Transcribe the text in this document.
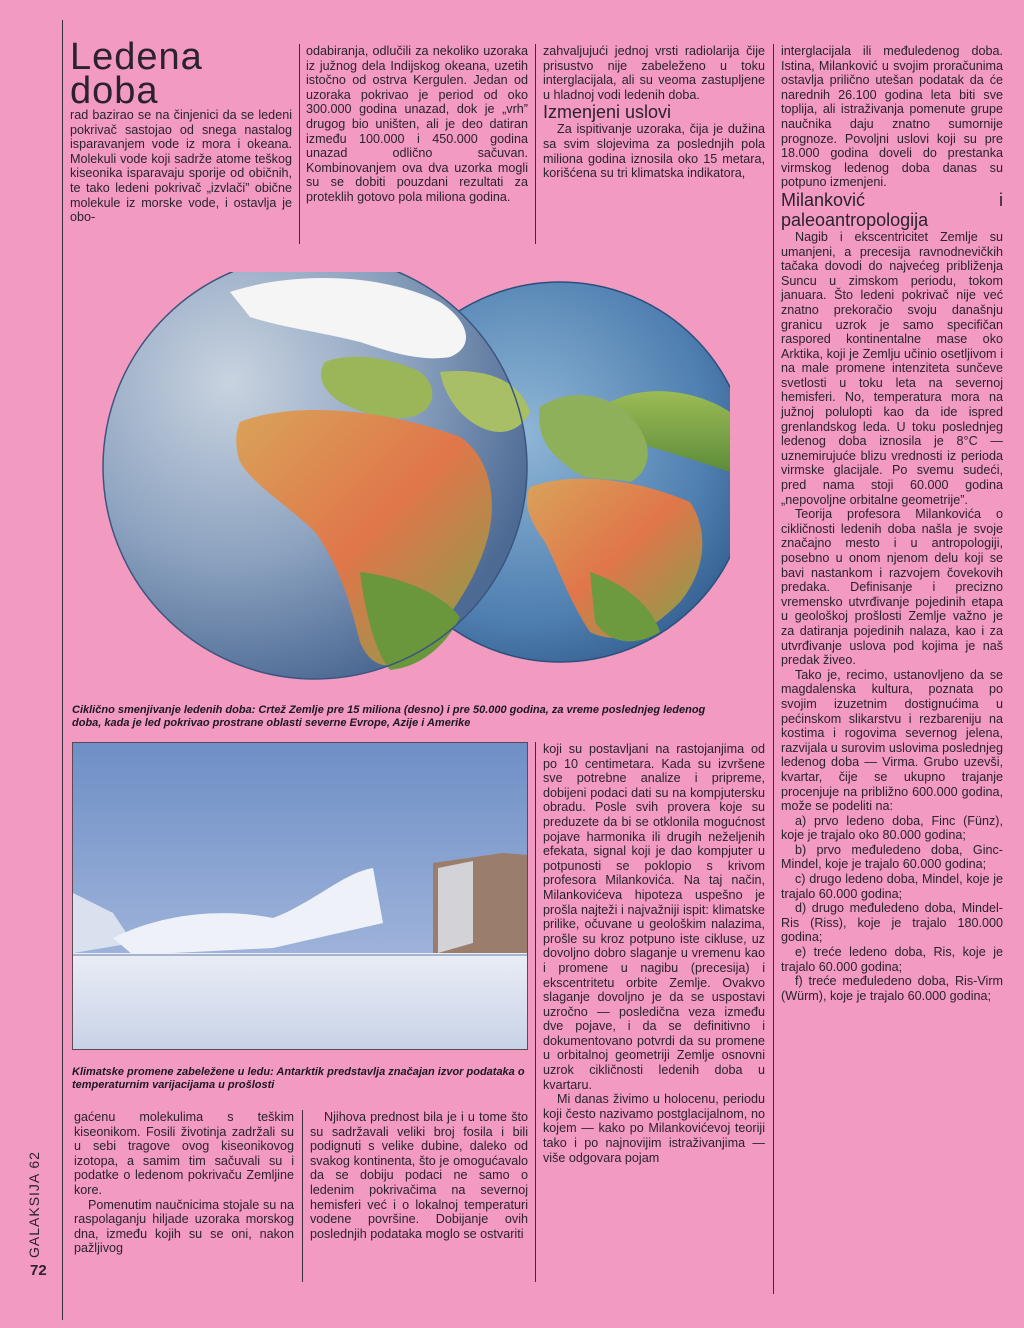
GALAKSIJA 62
72
Ledena
doba

rad bazirao se na činjenici da se ledeni pokrivač sastojao od snega nastalog isparavanjem vode iz mora i okeana. Molekuli vode koji sadrže atome teškog kiseonika isparavaju sporije od običnih, te tako ledeni pokrivač „izvlači” obične molekule iz morske vode, i ostavlja je obo-

odabiranja, odlučili za nekoliko uzoraka iz južnog dela Indijskog okeana, uzetih istočno od ostrva Kergulen. Jedan od uzoraka pokrivao je period od oko 300.000 godina unazad, dok je „vrh” drugog bio uništen, ali je deo datiran između 100.000 i 450.000 godina unazad odlično sačuvan. Kombinovanjem ova dva uzorka mogli su se dobiti pouzdani rezultati za proteklih gotovo pola miliona godina.

zahvaljujući jednoj vrsti radiolarija čije prisustvo nije zabeleženo u toku interglacijala, ali su veoma zastupljene u hladnoj vodi ledenih doba.

Izmenjeni uslovi

Za ispitivanje uzoraka, čija je dužina sa svim slojevima za poslednjih pola miliona godina iznosila oko 15 metara, korišćena su tri klimatska indikatora,

interglacijala ili međuledenog doba. Istina, Milanković u svojim proračunima ostavlja prilično utešan podatak da će narednih 26.100 godina leta biti sve toplija, ali istraživanja pomenute grupe naučnika daju znatno sumornije prognoze. Povoljni uslovi koji su pre 18.000 godina doveli do prestanka virmskog ledenog doba danas su potpuno izmenjeni.

Milanković i paleoantropologija

Nagib i ekscentricitet Zemlje su umanjeni, a precesija ravnodnevičkih tačaka dovodi do najvećeg približenja Suncu u zimskom periodu, tokom januara. Što ledeni pokrivač nije već znatno prekoračio svoju današnju granicu uzrok je samo specifičan raspored kontinentalne mase oko Arktika, koji je Zemlju učinio osetljivom i na male promene intenziteta sunčeve svetlosti u toku leta na severnoj hemisferi. No, temperatura mora na južnoj polulopti kao da ide ispred grenlandskog leda. U toku poslednjeg ledenog doba iznosila je 8°C — uznemirujuće blizu vrednosti iz perioda virmske glacijale. Po svemu sudeći, pred nama stoji 60.000 godina „nepovoljne orbitalne geometrije”.

Teorija profesora Milankovića o cikličnosti ledenih doba našla je svoje značajno mesto i u antropologiji, posebno u onom njenom delu koji se bavi nastankom i razvojem čovekovih predaka. Definisanje i precizno vremensko utvrđivanje pojedinih etapa u geološkoj prošlosti Zemlje važno je za datiranja pojedinih nalaza, kao i za utvrđivanje uslova pod kojima je naš predak živeo.

Tako je, recimo, ustanovljeno da se magdalenska kultura, poznata po svojim izuzetnim dostignućima u pećinskom slikarstvu i rezbareniju na kostima i rogovima severnog jelena, razvijala u surovim uslovima poslednjeg ledenog doba — Virma. Grubo uzevši, kvartar, čije se ukupno trajanje procenjuje na približno 600.000 godina, može se podeliti na:

a) prvo ledeno doba, Finc (Fünz), koje je trajalo oko 80.000 godina;

b) prvo međuledeno doba, Ginc-Mindel, koje je trajalo 60.000 godina;

c) drugo ledeno doba, Mindel, koje je trajalo 60.000 godina;

d) drugo međuledeno doba, Mindel-Ris (Riss), koje je trajalo 180.000 godina;

e) treće ledeno doba, Ris, koje je trajalo 60.000 godina;

f) treće međuledeno doba, Ris-Virm (Würm), koje je trajalo 60.000 godina;

Ciklično smenjivanje ledenih doba: Crtež Zemlje pre 15 miliona (desno) i pre 50.000 godina, za vreme poslednjeg ledenog doba, kada je led pokrivao prostrane oblasti severne Evrope, Azije i Amerike
Klimatske promene zabeležene u ledu: Antarktik predstavlja značajan izvor podataka o temperaturnim varijacijama u prošlosti

koji su postavljani na rastojanjima od po 10 centimetara. Kada su izvršene sve potrebne analize i pripreme, dobijeni podaci dati su na kompjutersku obradu. Posle svih provera koje su preduzete da bi se otklonila mogućnost pojave harmonika ili drugih neželjenih efekata, signal koji je dao kompjuter u potpunosti se poklopio s krivom profesora Milankovića. Na taj način, Milankovićeva hipoteza uspešno je prošla najteži i najvažniji ispit: klimatske prilike, očuvane u geološkim nalazima, prošle su kroz potpuno iste cikluse, uz dovoljno dobro slaganje u vremenu kao i promene u nagibu (precesija) i ekscentritetu orbite Zemlje. Ovakvo slaganje dovoljno je da se uspostavi uzročno — posledična veza između dve pojave, i da se definitivno i dokumentovano potvrdi da su promene u orbitalnoj geometriji Zemlje osnovni uzrok cikličnosti ledenih doba u kvartaru.

Mi danas živimo u holocenu, periodu koji često nazivamo postglacijalnom, no kojem — kako po Milankovićevoj teoriji tako i po najnovijim istraživanjima — više odgovara pojam

gaćenu molekulima s teškim kiseonikom. Fosili životinja zadržali su u sebi tragove ovog kiseonikovog izotopa, a samim tim sačuvali su i podatke o ledenom pokrivaču Zemljine kore.

Pomenutim naučnicima stojale su na raspolaganju hiljade uzoraka morskog dna, između kojih su se oni, nakon pažljivog

Njihova prednost bila je i u tome što su sadržavali veliki broj fosila i bili podignuti s velike dubine, daleko od svakog kontinenta, što je omogućavalo da se dobiju podaci ne samo o ledenim pokrivačima na severnoj hemisferi već i o lokalnoj temperaturi vodene površine. Dobijanje ovih poslednjih podataka moglo se ostvariti
